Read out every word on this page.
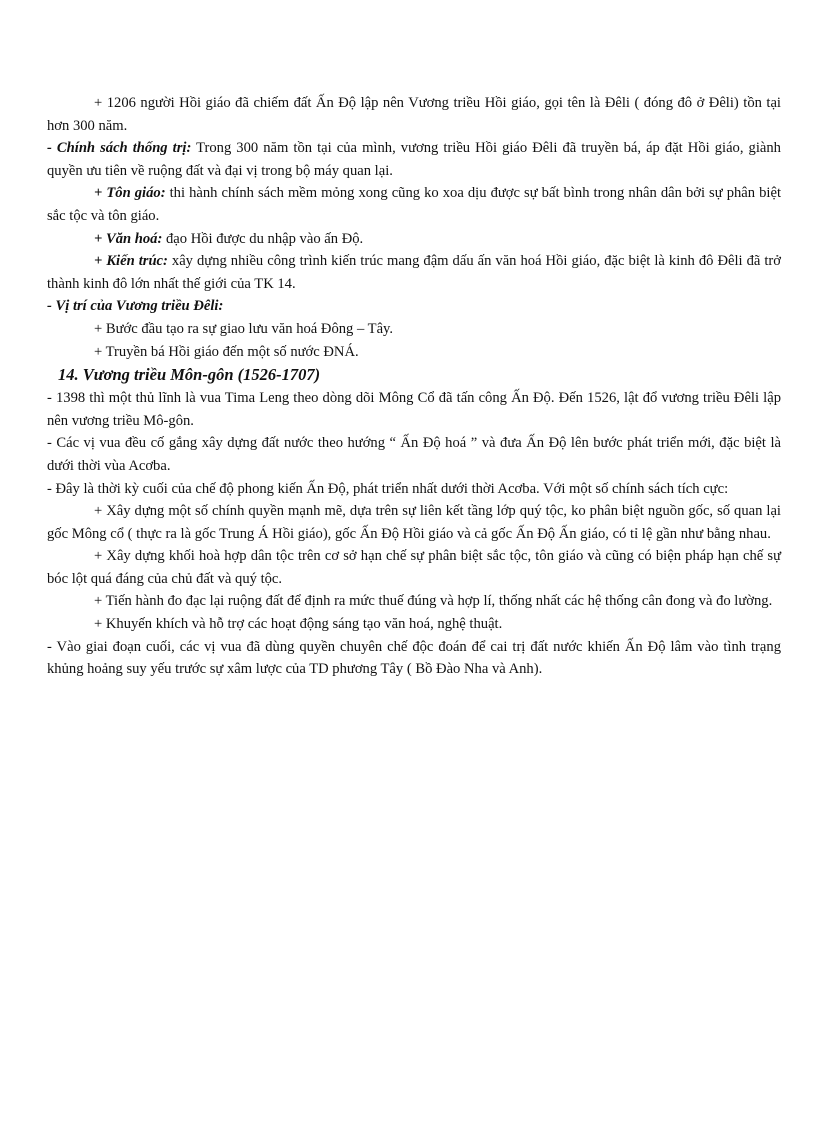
+ 1206 người Hồi giáo đã chiếm đất Ấn Độ lập nên Vương triều Hồi giáo, gọi tên là Đêli ( đóng đô ở Đêli) tồn tại hơn 300 năm.

- Chính sách thống trị: Trong 300 năm tồn tại của mình, vương triều Hồi giáo Đêli đã truyền bá, áp đặt Hồi giáo, giành quyền ưu tiên về ruộng đất và đại vị trong bộ máy quan lại.

+ Tôn giáo: thi hành chính sách mềm mỏng xong cũng ko xoa dịu được sự bất bình trong nhân dân bởi sự phân biệt sắc tộc và tôn giáo.

+ Văn hoá: đạo Hồi được du nhập vào ấn Độ.

+ Kiến trúc: xây dựng nhiều công trình kiến trúc mang đậm dấu ấn văn hoá Hồi giáo, đặc biệt là kinh đô Đêli đã trở thành kinh đô lớn nhất thế giới của TK 14.

- Vị trí của Vương triều Đêli:

+ Bước đầu tạo ra sự giao lưu văn hoá Đông – Tây.

+ Truyền bá Hồi giáo đến một số nước ĐNÁ.

14. Vương triều Môn-gôn (1526-1707)

- 1398 thì một thủ lĩnh là vua Tima Leng theo dòng dõi Mông Cổ đã tấn công Ấn Độ. Đến 1526, lật đổ vương triều Đêli lập nên vương triều Mô-gôn.

- Các vị vua đều cố gắng xây dựng đất nước theo hướng “ Ấn Độ hoá ” và đưa Ấn Độ lên bước phát triển mới, đặc biệt là dưới thời vùa Acơba.

- Đây là thời kỳ cuối của chế độ phong kiến Ấn Độ, phát triển nhất dưới thời Acơba. Với một số chính sách tích cực:

+ Xây dựng một số chính quyền mạnh mẽ, dựa trên sự liên kết tầng lớp quý tộc, ko phân biệt nguồn gốc, số quan lại gốc Mông cổ ( thực ra là gốc Trung Á Hồi giáo), gốc Ấn Độ Hồi giáo và cả gốc Ấn Độ Ấn giáo, có tỉ lệ gần như bằng nhau.

+ Xây dựng khối hoà hợp dân tộc trên cơ sở hạn chế sự phân biệt sắc tộc, tôn giáo và cũng có biện pháp hạn chế sự bóc lột quá đáng của chủ đất và quý tộc.

+ Tiến hành đo đạc lại ruộng đất để định ra mức thuế đúng và hợp lí, thống nhất các hệ thống cân đong và đo lường.

+ Khuyến khích và hỗ trợ các hoạt động sáng tạo văn hoá, nghệ thuật.

- Vào giai đoạn cuối, các vị vua đã dùng quyền chuyên chế độc đoán để cai trị đất nước khiến Ấn Độ lâm vào tình trạng khủng hoảng suy yếu trước sự xâm lược của TD phương Tây ( Bồ Đào Nha và Anh).
